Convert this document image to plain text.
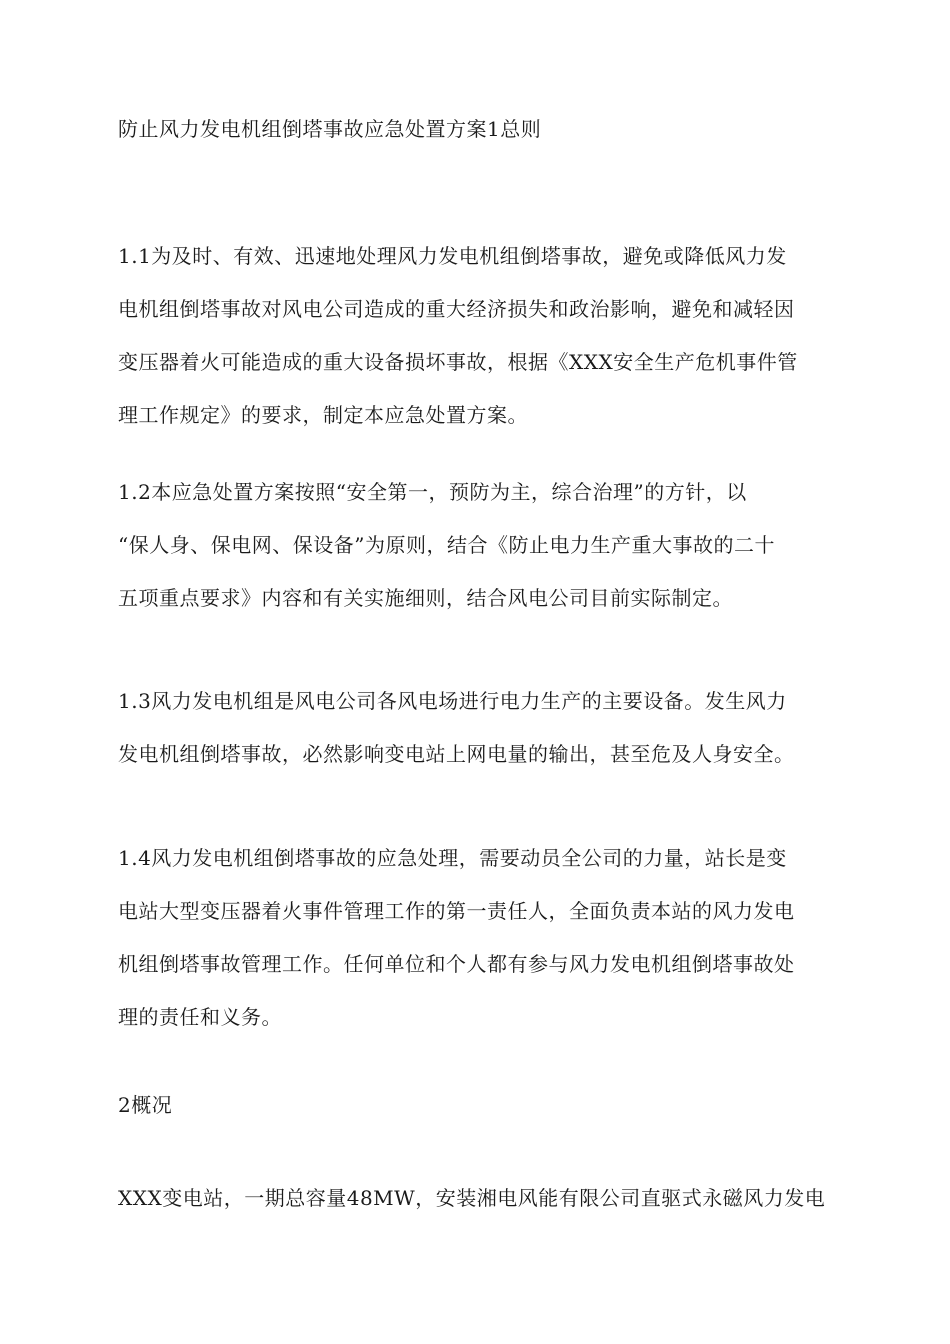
防止风力发电机组倒塔事故应急处置方案1总则
1.1为及时、有效、迅速地处理风力发电机组倒塔事故，避免或降低风力发
电机组倒塔事故对风电公司造成的重大经济损失和政治影响，避免和减轻因
变压器着火可能造成的重大设备损坏事故，根据《XXX安全生产危机事件管
理工作规定》的要求，制定本应急处置方案。
1.2本应急处置方案按照“安全第一，预防为主，综合治理”的方针，以
“保人身、保电网、保设备”为原则，结合《防止电力生产重大事故的二十
五项重点要求》内容和有关实施细则，结合风电公司目前实际制定。
1.3风力发电机组是风电公司各风电场进行电力生产的主要设备。发生风力
发电机组倒塔事故，必然影响变电站上网电量的输出，甚至危及人身安全。
1.4风力发电机组倒塔事故的应急处理，需要动员全公司的力量，站长是变
电站大型变压器着火事件管理工作的第一责任人，全面负责本站的风力发电
机组倒塔事故管理工作。任何单位和个人都有参与风力发电机组倒塔事故处
理的责任和义务。
2概况
XXX变电站，一期总容量48MW，安装湘电风能有限公司直驱式永磁风力发电
